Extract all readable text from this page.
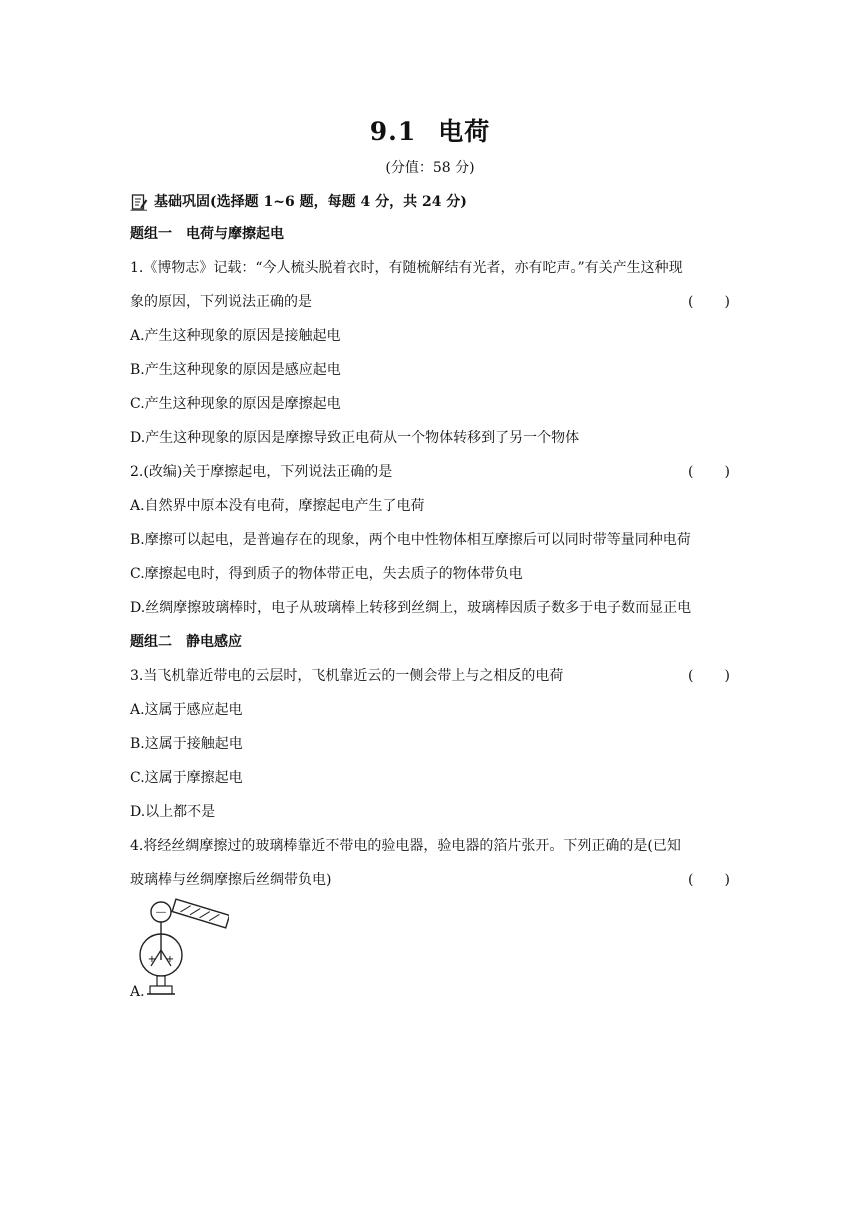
9.1 电荷
(分值：58 分)
基础巩固(选择题 1~6 题，每题 4 分，共 24 分)
题组一　电荷与摩擦起电
1.《博物志》记载：“今人梳头脱着衣时，有随梳解结有光者，亦有咜声。”有关产生这种现
象的原因，下列说法正确的是	( )
A.产生这种现象的原因是接触起电
B.产生这种现象的原因是感应起电
C.产生这种现象的原因是摩擦起电
D.产生这种现象的原因是摩擦导致正电荷从一个物体转移到了另一个物体
2.(改编)关于摩擦起电，下列说法正确的是	( )
A.自然界中原本没有电荷，摩擦起电产生了电荷
B.摩擦可以起电，是普遍存在的现象，两个电中性物体相互摩擦后可以同时带等量同种电荷
C.摩擦起电时，得到质子的物体带正电，失去质子的物体带负电
D.丝绸摩擦玻璃棒时，电子从玻璃棒上转移到丝绸上，玻璃棒因质子数多于电子数而显正电
题组二　静电感应
3.当飞机靠近带电的云层时，飞机靠近云的一侧会带上与之相反的电荷	( )
A.这属于感应起电
B.这属于接触起电
C.这属于摩擦起电
D.以上都不是
4.将经丝绸摩擦过的玻璃棒靠近不带电的验电器，验电器的箔片张开。下列正确的是(已知
玻璃棒与丝绸摩擦后丝绸带负电)	( )
－
+ +
A.
